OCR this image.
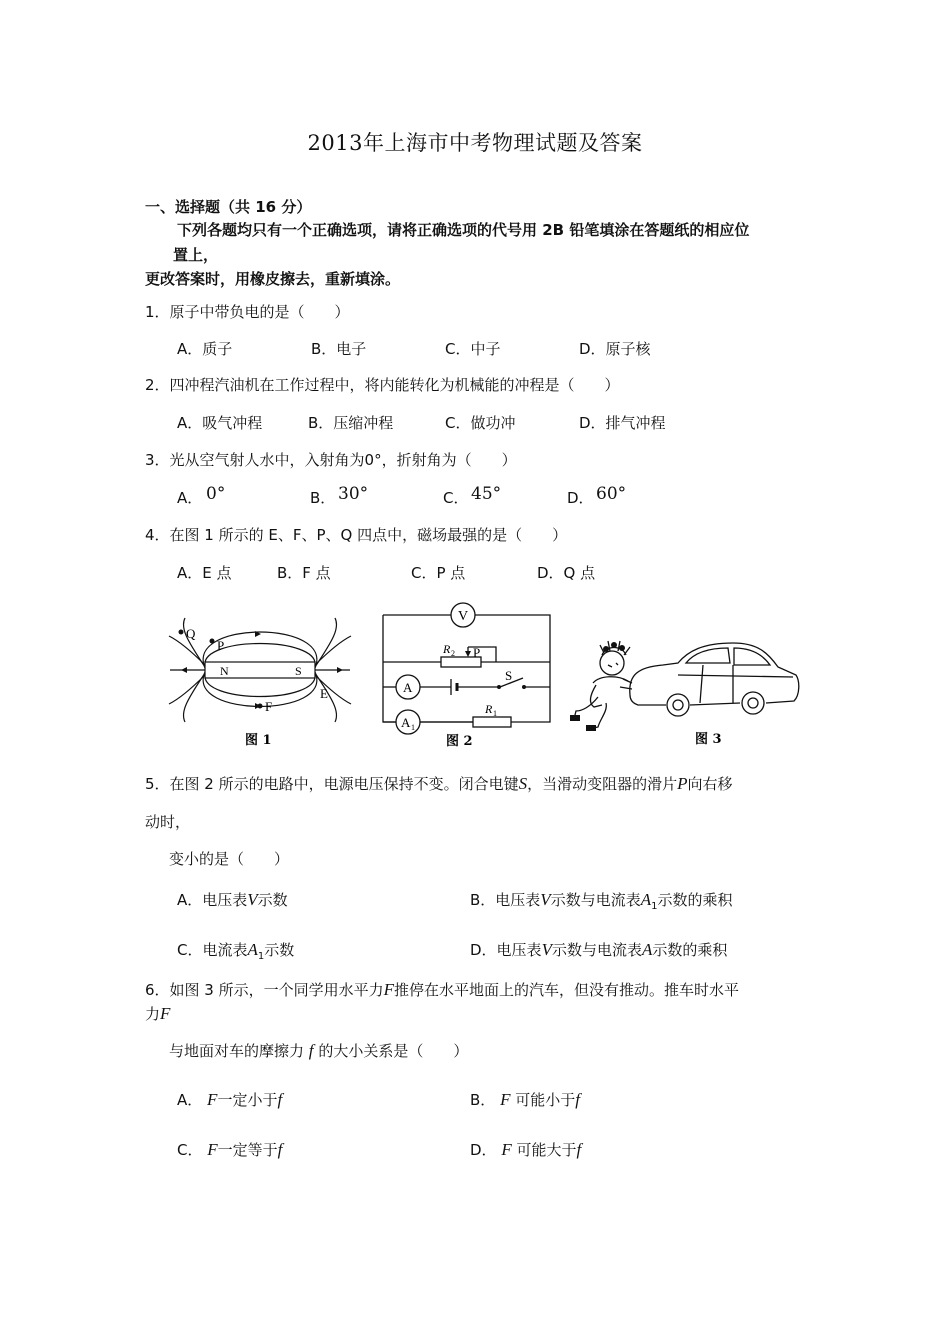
2013年上海市中考物理试题及答案
一、选择题（共 16 分）
下列各题均只有一个正确选项，请将正确选项的代号用 2B 铅笔填涂在答题纸的相应位
置上，
更改答案时，用橡皮擦去，重新填涂。
1．原子中带负电的是（　　）
A．质子	B．电子	C．中子	D．原子核
2．四冲程汽油机在工作过程中，将内能转化为机械能的冲程是（　　）
A．吸气冲程	B．压缩冲程	C．做功冲	D．排气冲程
3．光从空气射人水中，入射角为0°，折射角为（　　）
A． 0°	B． 30°	C． 45°	D． 60°
4．在图 1 所示的 E、F、P、Q 四点中，磁场最强的是（　　）
A．E 点	B．F 点	C．P 点	D．Q 点
Q
P
N	S
E
F
图 1
V
R 2 P
S
A
A 1
R 1
图 2	图 3
5．在图 2 所示的电路中，电源电压保持不变。闭合电键S，当滑动变阻器的滑片P向右移
动时，
变小的是（　　）
A．电压表V示数	B．电压表V示数与电流表$A_1$示数的乘积
C．电流表$A_1$示数	D．电压表V示数与电流表A示数的乘积
6．如图 3 所示，一个同学用水平力F推停在水平地面上的汽车，但没有推动。推车时水平
力F
与地面对车的摩擦力 f 的大小关系是（　　）
A． F一定小于f	B． F 可能小于f
C． F一定等于f	D． F 可能大于f
